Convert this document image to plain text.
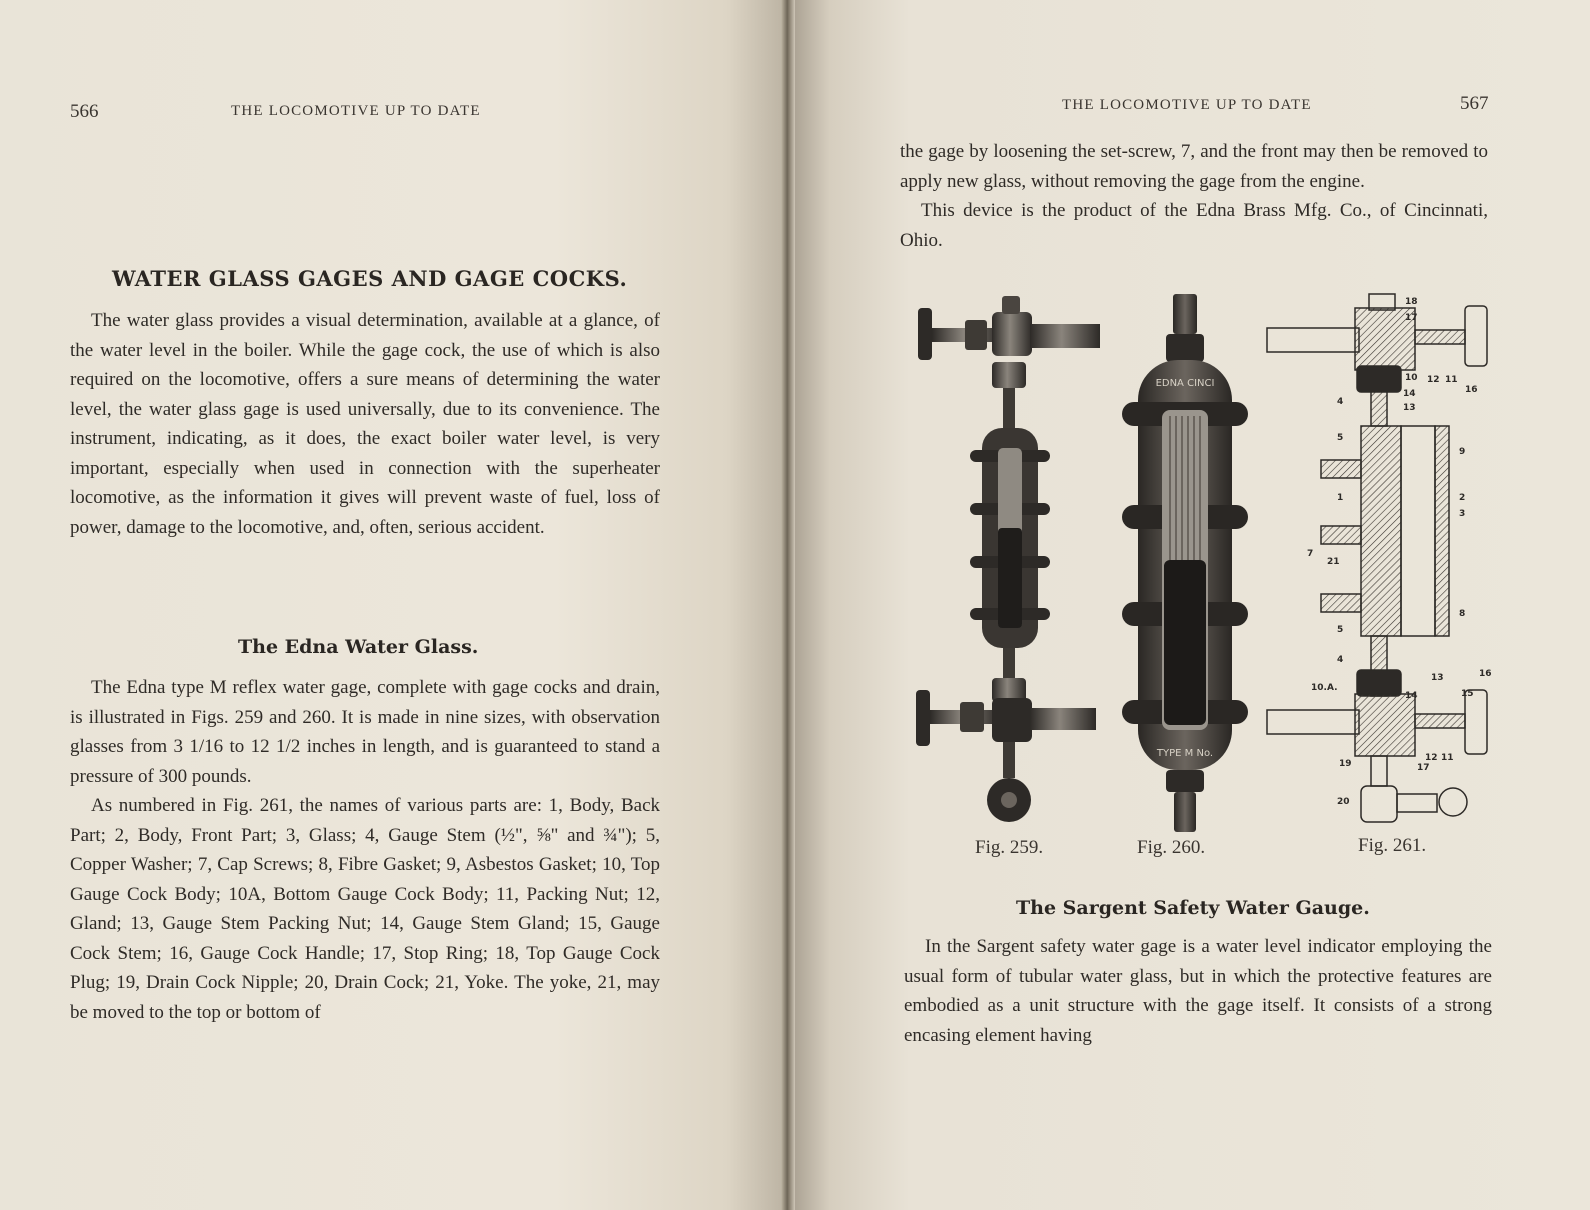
566	THE LOCOMOTIVE UP TO DATE
WATER GLASS GAGES AND GAGE COCKS.

The water glass provides a visual determination, available at a glance, of the water level in the boiler. While the gage cock, the use of which is also required on the locomotive, offers a sure means of determining the water level, the water glass gage is used universally, due to its convenience. The instrument, indicating, as it does, the exact boiler water level, is very important, especially when used in connection with the superheater locomotive, as the information it gives will prevent waste of fuel, loss of power, damage to the locomotive, and, often, serious accident.

The Edna Water Glass.

The Edna type M reflex water gage, complete with gage cocks and drain, is illustrated in Figs. 259 and 260. It is made in nine sizes, with observation glasses from 3 1/16 to 12 1/2 inches in length, and is guaranteed to stand a pressure of 300 pounds.

As numbered in Fig. 261, the names of various parts are: 1, Body, Back Part; 2, Body, Front Part; 3, Glass; 4, Gauge Stem (½", ⅝" and ¾"); 5, Copper Washer; 7, Cap Screws; 8, Fibre Gasket; 9, Asbestos Gasket; 10, Top Gauge Cock Body; 10A, Bottom Gauge Cock Body; 11, Packing Nut; 12, Gland; 13, Gauge Stem Packing Nut; 14, Gauge Stem Gland; 15, Gauge Cock Stem; 16, Gauge Cock Handle; 17, Stop Ring; 18, Top Gauge Cock Plug; 19, Drain Cock Nipple; 20, Drain Cock; 21, Yoke. The yoke, 21, may be moved to the top or bottom of

THE LOCOMOTIVE UP TO DATE	567

the gage by loosening the set-screw, 7, and the front may then be removed to apply new glass, without removing the gage from the engine.

This device is the product of the Edna Brass Mfg. Co., of Cincinnati, Ohio.

Fig. 259.
EDNA CINCI
TYPE M No.
Fig. 260.
18
17
10 12 11
16
14
13
4
5
9
1	2
3
7
21
8
5
4
13	16
10.A.
14	15
12 11
19	17
20
Fig. 261.
The Sargent Safety Water Gauge.

In the Sargent safety water gage is a water level indicator employing the usual form of tubular water glass, but in which the protective features are embodied as a unit structure with the gage itself. It consists of a strong encasing element having
